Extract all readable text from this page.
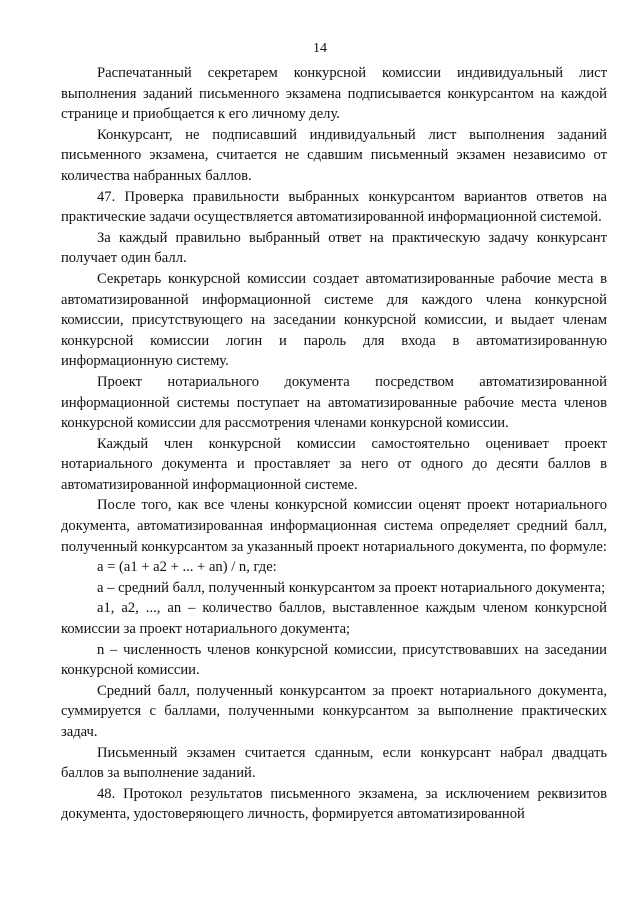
14

Распечатанный секретарем конкурсной комиссии индивидуальный лист выполнения заданий письменного экзамена подписывается конкурсантом на каждой странице и приобщается к его личному делу.

Конкурсант, не подписавший индивидуальный лист выполнения заданий письменного экзамена, считается не сдавшим письменный экзамен независимо от количества набранных баллов.

47. Проверка правильности выбранных конкурсантом вариантов ответов на практические задачи осуществляется автоматизированной информационной системой.

За каждый правильно выбранный ответ на практическую задачу конкурсант получает один балл.

Секретарь конкурсной комиссии создает автоматизированные рабочие места в автоматизированной информационной системе для каждого члена конкурсной комиссии, присутствующего на заседании конкурсной комиссии, и выдает членам конкурсной комиссии логин и пароль для входа в автоматизированную информационную систему.

Проект нотариального документа посредством автоматизированной информационной системы поступает на автоматизированные рабочие места членов конкурсной комиссии для рассмотрения членами конкурсной комиссии.

Каждый член конкурсной комиссии самостоятельно оценивает проект нотариального документа и проставляет за него от одного до десяти баллов в автоматизированной информационной системе.

После того, как все члены конкурсной комиссии оценят проект нотариального документа, автоматизированная информационная система определяет средний балл, полученный конкурсантом за указанный проект нотариального документа, по формуле:

a = (a1 + a2 + ... + an) / n, где:

a – средний балл, полученный конкурсантом за проект нотариального документа;

a1, a2, ..., an – количество баллов, выставленное каждым членом конкурсной комиссии за проект нотариального документа;

n – численность членов конкурсной комиссии, присутствовавших на заседании конкурсной комиссии.

Средний балл, полученный конкурсантом за проект нотариального документа, суммируется с баллами, полученными конкурсантом за выполнение практических задач.

Письменный экзамен считается сданным, если конкурсант набрал двадцать баллов за выполнение заданий.

48. Протокол результатов письменного экзамена, за исключением реквизитов документа, удостоверяющего личность, формируется автоматизированной
